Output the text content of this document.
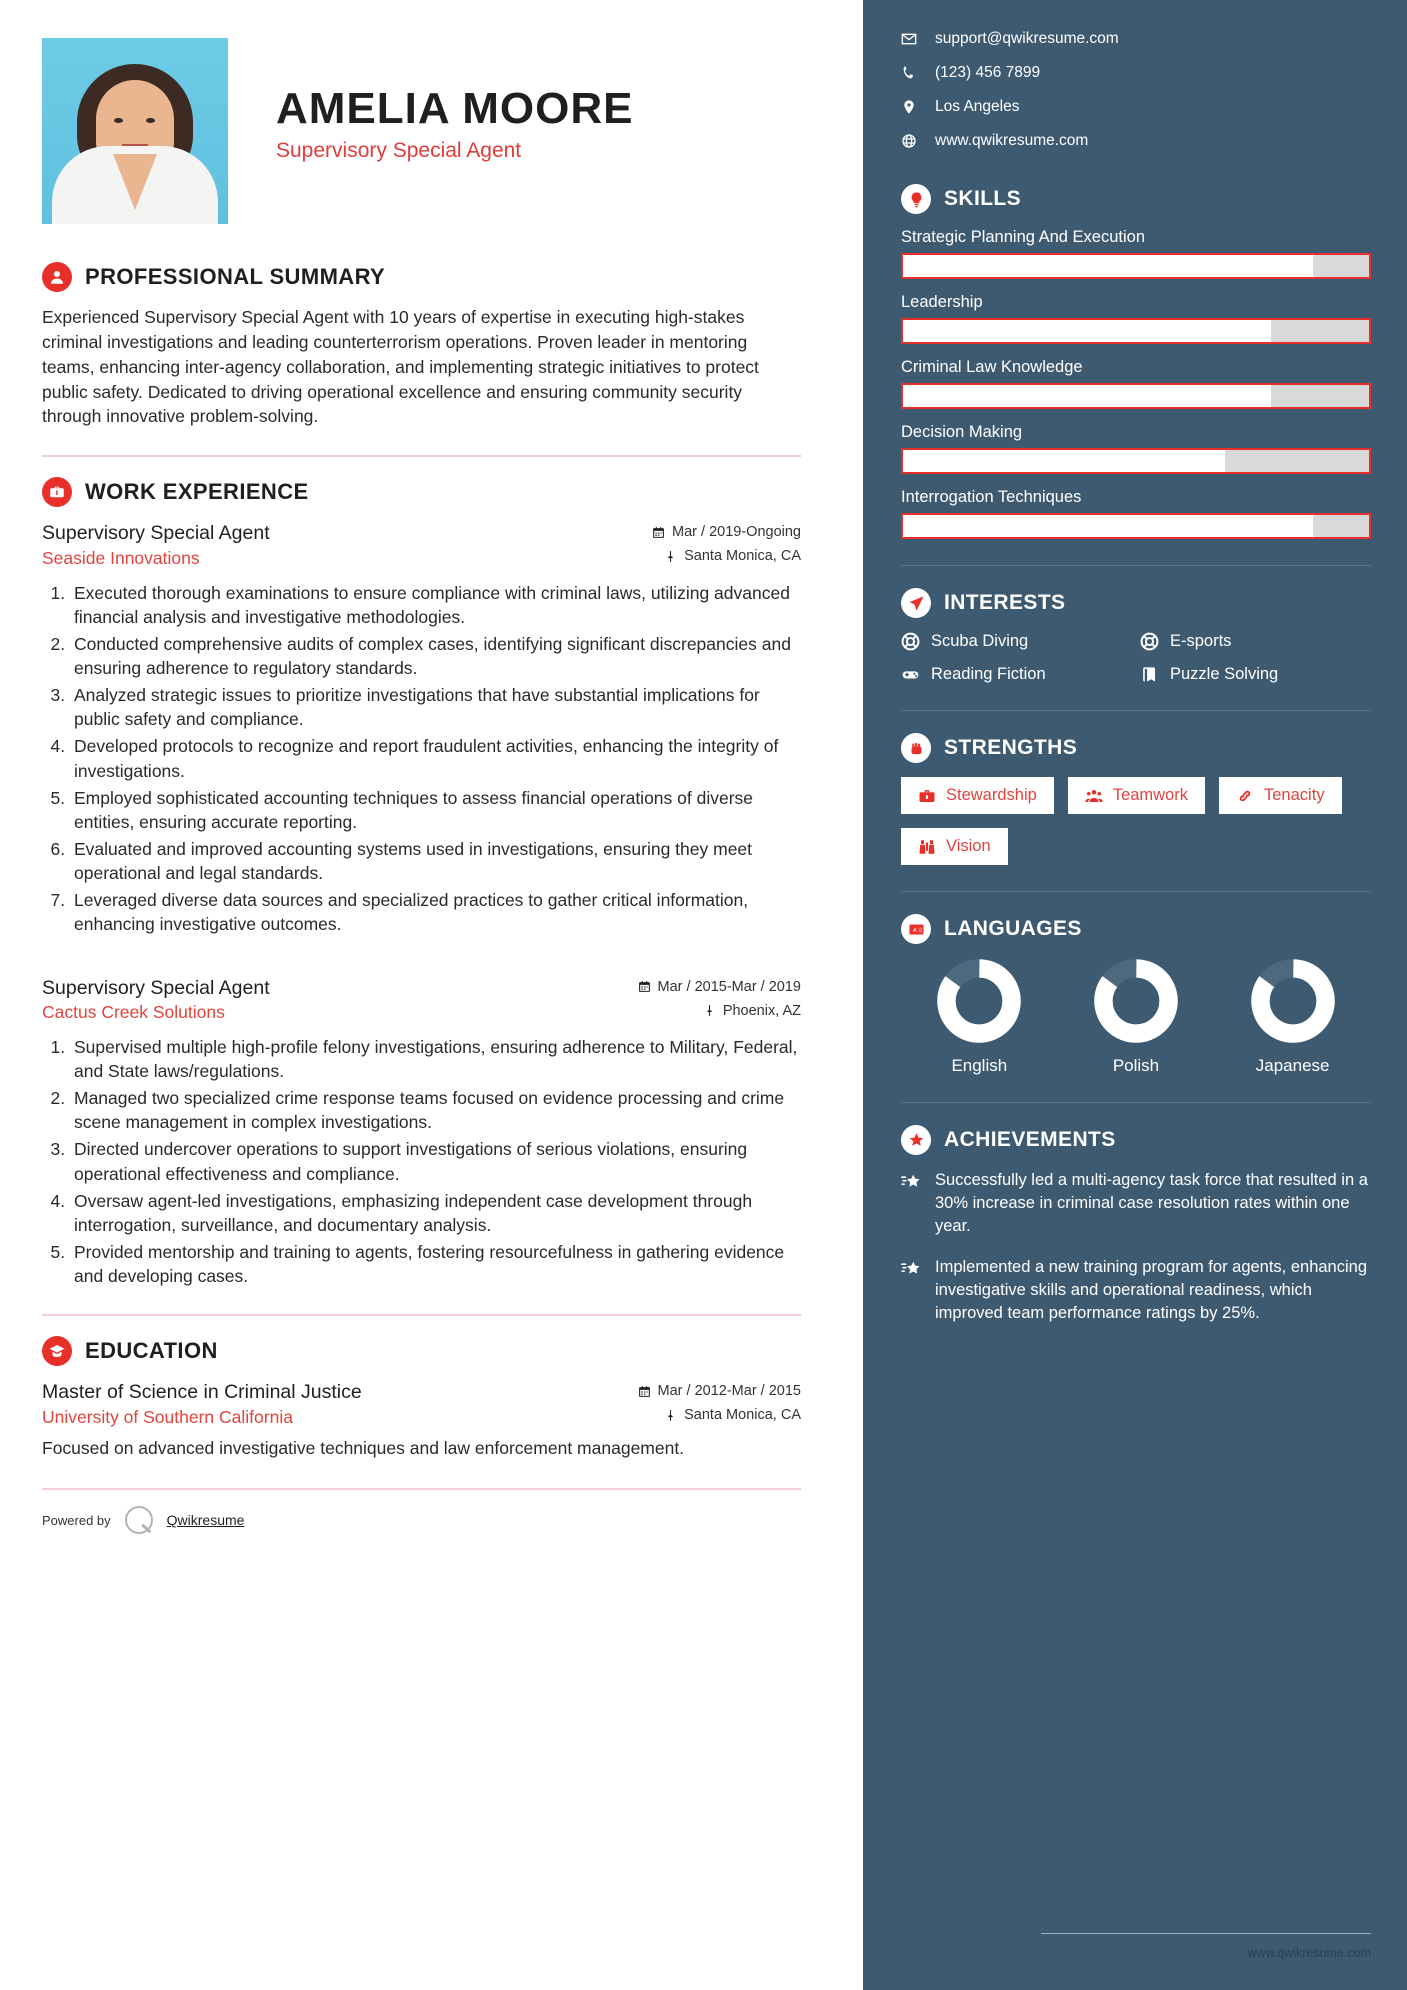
AMELIA MOORE
Supervisory Special Agent
PROFESSIONAL SUMMARY
Experienced Supervisory Special Agent with 10 years of expertise in executing high-stakes criminal investigations and leading counterterrorism operations. Proven leader in mentoring teams, enhancing inter-agency collaboration, and implementing strategic initiatives to protect public safety. Dedicated to driving operational excellence and ensuring community security through innovative problem-solving.
WORK EXPERIENCE
Supervisory Special Agent
Seaside Innovations
Mar / 2019-Ongoing
Santa Monica, CA
1. Executed thorough examinations to ensure compliance with criminal laws, utilizing advanced financial analysis and investigative methodologies.
2. Conducted comprehensive audits of complex cases, identifying significant discrepancies and ensuring adherence to regulatory standards.
3. Analyzed strategic issues to prioritize investigations that have substantial implications for public safety and compliance.
4. Developed protocols to recognize and report fraudulent activities, enhancing the integrity of investigations.
5. Employed sophisticated accounting techniques to assess financial operations of diverse entities, ensuring accurate reporting.
6. Evaluated and improved accounting systems used in investigations, ensuring they meet operational and legal standards.
7. Leveraged diverse data sources and specialized practices to gather critical information, enhancing investigative outcomes.
Supervisory Special Agent
Cactus Creek Solutions
Mar / 2015-Mar / 2019
Phoenix, AZ
1. Supervised multiple high-profile felony investigations, ensuring adherence to Military, Federal, and State laws/regulations.
2. Managed two specialized crime response teams focused on evidence processing and crime scene management in complex investigations.
3. Directed undercover operations to support investigations of serious violations, ensuring operational effectiveness and compliance.
4. Oversaw agent-led investigations, emphasizing independent case development through interrogation, surveillance, and documentary analysis.
5. Provided mentorship and training to agents, fostering resourcefulness in gathering evidence and developing cases.
EDUCATION
Master of Science in Criminal Justice
University of Southern California
Mar / 2012-Mar / 2015
Santa Monica, CA
Focused on advanced investigative techniques and law enforcement management.
Powered by	Qwikresume
support@qwikresume.com
(123) 456 7899
Los Angeles
www.qwikresume.com
SKILLS
Strategic Planning And Execution
Leadership
Criminal Law Knowledge
Decision Making
Interrogation Techniques
INTERESTS
Scuba Diving	E-sports
Reading Fiction	Puzzle Solving
STRENGTHS
Stewardship	Teamwork	Tenacity
Vision
A 文 LANGUAGES
English	Polish	Japanese
ACHIEVEMENTS
Successfully led a multi-agency task force that resulted in a 30% increase in criminal case resolution rates within one year.
Implemented a new training program for agents, enhancing investigative skills and operational readiness, which improved team performance ratings by 25%.
www.qwikresume.com
